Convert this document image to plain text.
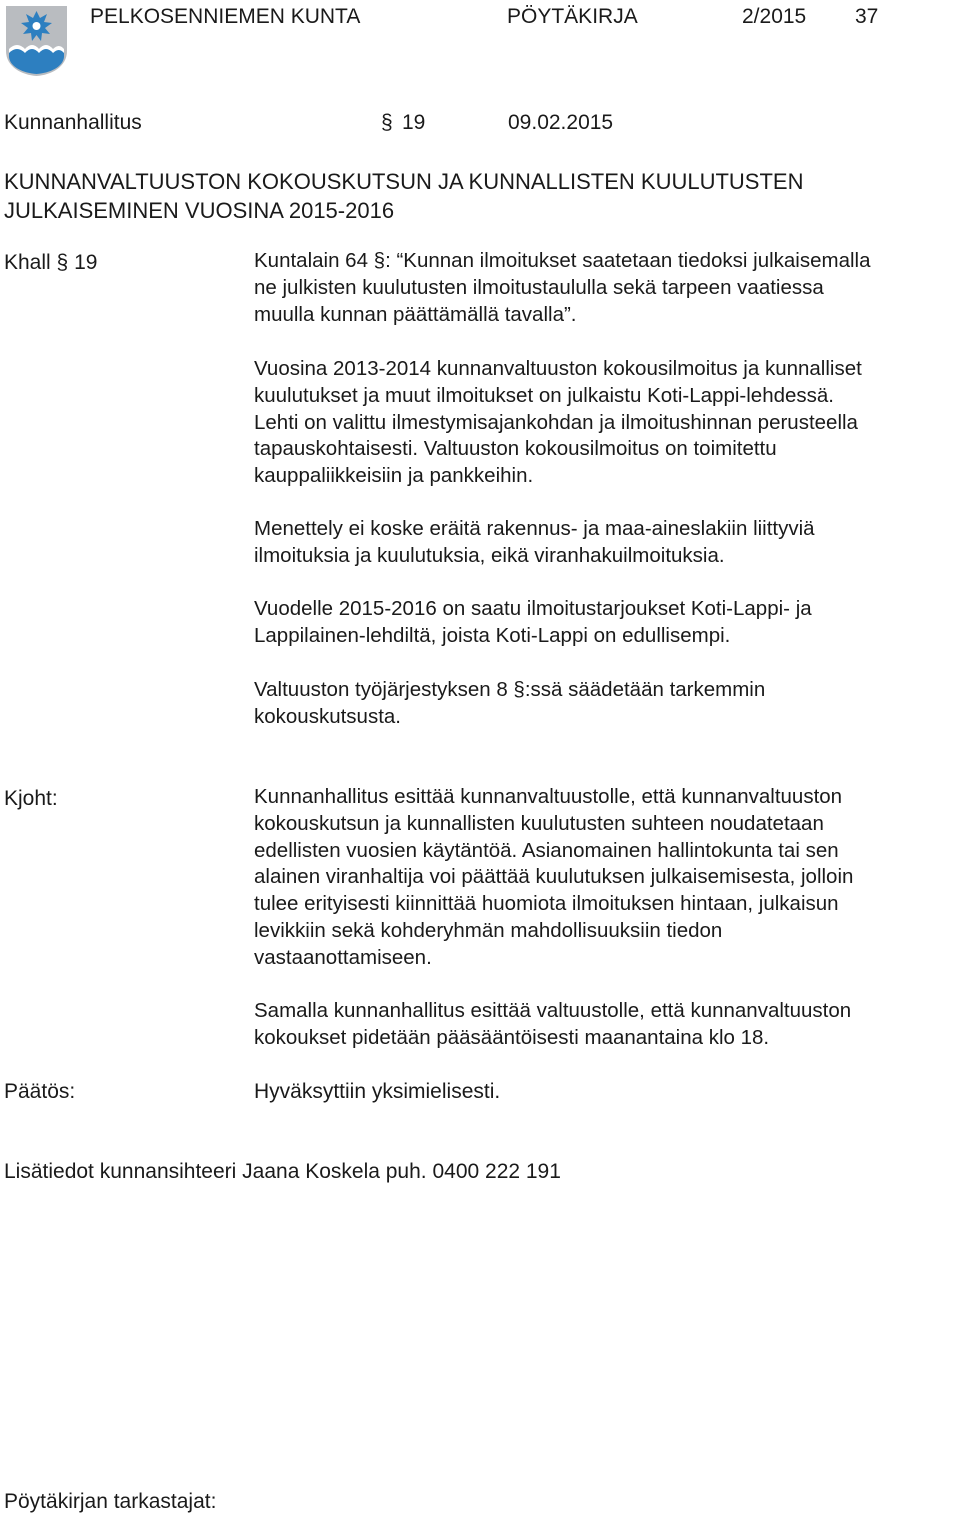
PELKOSENNIEMEN KUNTA	PÖYTÄKIRJA	2/2015 37
Kunnanhallitus	§ 19	09.02.2015
KUNNANVALTUUSTON KOKOUSKUTSUN JA KUNNALLISTEN KUULUTUSTEN
JULKAISEMINEN VUOSINA 2015-2016
Khall § 19	Kuntalain 64 §: “Kunnan ilmoitukset saatetaan tiedoksi julkaisemalla
ne julkisten kuulutusten ilmoitustaululla sekä tarpeen vaatiessa
muulla kunnan päättämällä tavalla”.
Vuosina 2013-2014 kunnanvaltuuston kokousilmoitus ja kunnalliset
kuulutukset ja muut ilmoitukset on julkaistu Koti-Lappi-lehdessä.
Lehti on valittu ilmestymisajankohdan ja ilmoitushinnan perusteella
tapauskohtaisesti. Valtuuston kokousilmoitus on toimitettu
kauppaliikkeisiin ja pankkeihin.
Menettely ei koske eräitä rakennus- ja maa-aineslakiin liittyviä
ilmoituksia ja kuulutuksia, eikä viranhakuilmoituksia.
Vuodelle 2015-2016 on saatu ilmoitustarjoukset Koti-Lappi- ja
Lappilainen-lehdiltä, joista Koti-Lappi on edullisempi.
Valtuuston työjärjestyksen 8 §:ssä säädetään tarkemmin
kokouskutsusta.
Kjoht:	Kunnanhallitus esittää kunnanvaltuustolle, että kunnanvaltuuston
kokouskutsun ja kunnallisten kuulutusten suhteen noudatetaan
edellisten vuosien käytäntöä. Asianomainen hallintokunta tai sen
alainen viranhaltija voi päättää kuulutuksen julkaisemisesta, jolloin
tulee erityisesti kiinnittää huomiota ilmoituksen hintaan, julkaisun
levikkiin sekä kohderyhmän mahdollisuuksiin tiedon
vastaanottamiseen.
Samalla kunnanhallitus esittää valtuustolle, että kunnanvaltuuston
kokoukset pidetään pääsääntöisesti maanantaina klo 18.
Päätös:	Hyväksyttiin yksimielisesti.
Lisätiedot kunnansihteeri Jaana Koskela puh. 0400 222 191
Pöytäkirjan tarkastajat:
